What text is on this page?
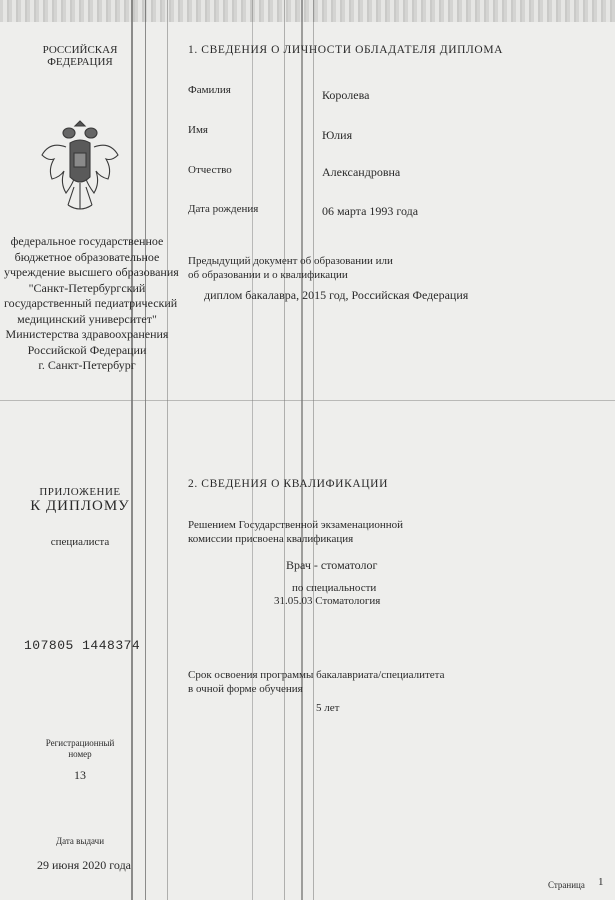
РОССИЙСКАЯ
ФЕДЕРАЦИЯ
федеральное государственное
бюджетное образовательное
учреждение высшего образования
"Санкт-Петербургский
государственный педиатрический
медицинский университет"
Министерства здравоохранения
Российской Федерации
г. Санкт-Петербург
ПРИЛОЖЕНИЕ
К ДИПЛОМУ
специалиста
107805 1448374
Регистрационный
номер
13
Дата выдачи
29 июня 2020 года
1. СВЕДЕНИЯ О ЛИЧНОСТИ ОБЛАДАТЕЛЯ ДИПЛОМА
Фамилия	Королева
Имя	Юлия
Отчество	Александровна
Дата рождения	06 марта 1993 года
Предыдущий документ об образовании или
об образовании и о квалификации
диплом бакалавра, 2015 год, Российская Федерация
2. СВЕДЕНИЯ О КВАЛИФИКАЦИИ
Решением Государственной экзаменационной
комиссии присвоена квалификация
Врач - стоматолог
по специальности
31.05.03 Стоматология
Срок освоения программы бакалавриата/специалитета
в очной форме обучения
5 лет
Страница 1
